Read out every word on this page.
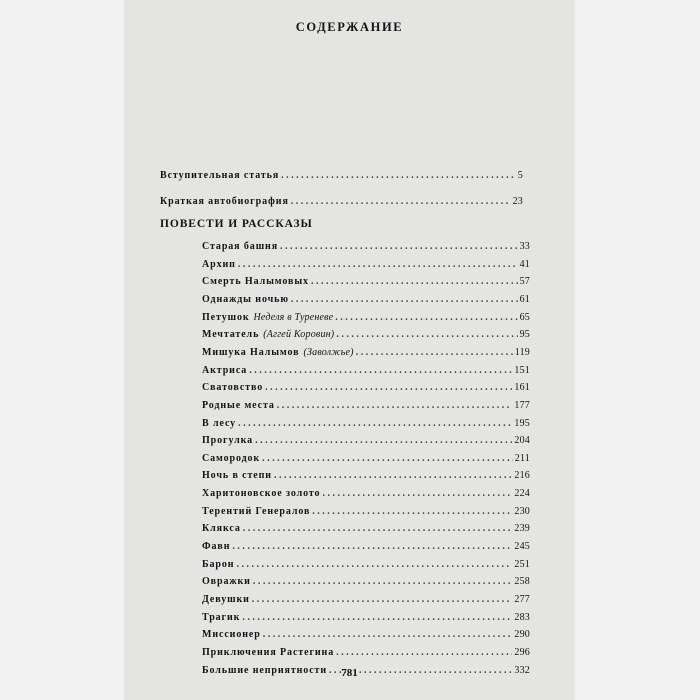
СОДЕРЖАНИЕ
Вступительная статья . . .	5
Краткая автобиография . . .	23
ПОВЕСТИ И РАССКАЗЫ
Старая башня . . .	33
Архип . . .	41
Смерть Налымовых . . .	57
Однажды ночью . . .	61
Петушок Неделя в Туреневе . . .	65
Мечтатель (Аггей Коровин) . . .	95
Мишука Налымов (Заволжье) . . .	119
Актриса . . .	151
Сватовство . . .	161
Родные места . . .	177
В лесу . . .	195
Прогулка . . .	204
Самородок . . .	211
Ночь в степи . . .	216
Харитоновское золото . . .	224
Терентий Генералов . . .	230
Клякса . . .	239
Фавн . . .	245
Барон . . .	251
Овражки . . .	258
Девушки . . .	277
Трагик . . .	283
Миссионер . . .	290
Приключения Растегина . . .	296
Большие неприятности . . .	332
781
